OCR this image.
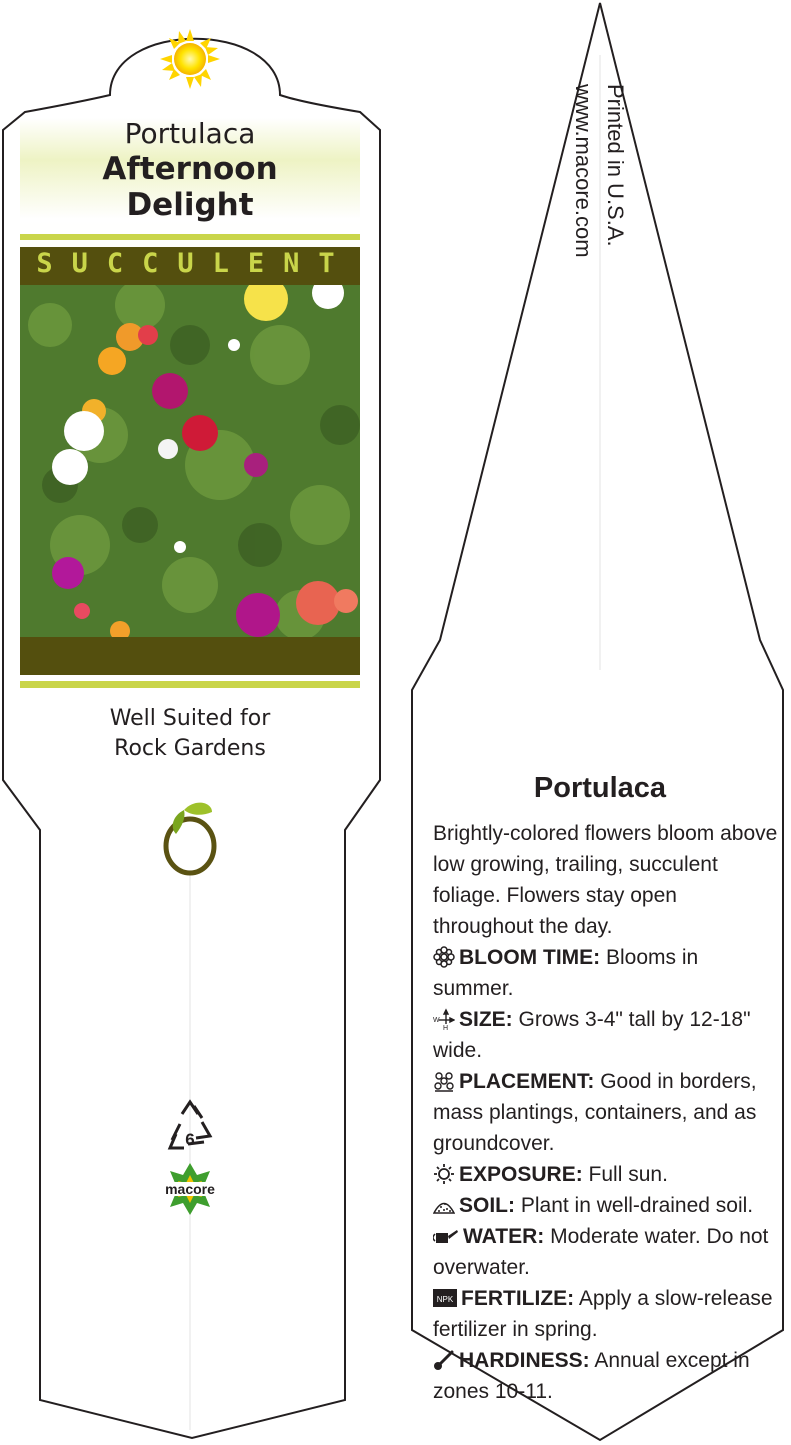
Portulaca
Afternoon Delight
SUCCULENT
Well Suited for
Rock Gardens
6
macore
Printed in U.S.A.
www.macore.com
Portulaca

Brightly-colored flowers bloom above low growing, trailing, succulent foliage. Flowers stay open throughout the day.

BLOOM TIME: Blooms in summer.

W
H SIZE: Grows 3-4" tall by 12-18" wide.

PLACEMENT: Good in borders, mass plantings, containers, and as groundcover.

EXPOSURE: Full sun.

SOIL: Plant in well-drained soil.

WATER: Moderate water. Do not overwater.

NPK FERTILIZE: Apply a slow-release fertilizer in spring.

HARDINESS: Annual except in zones 10-11.
